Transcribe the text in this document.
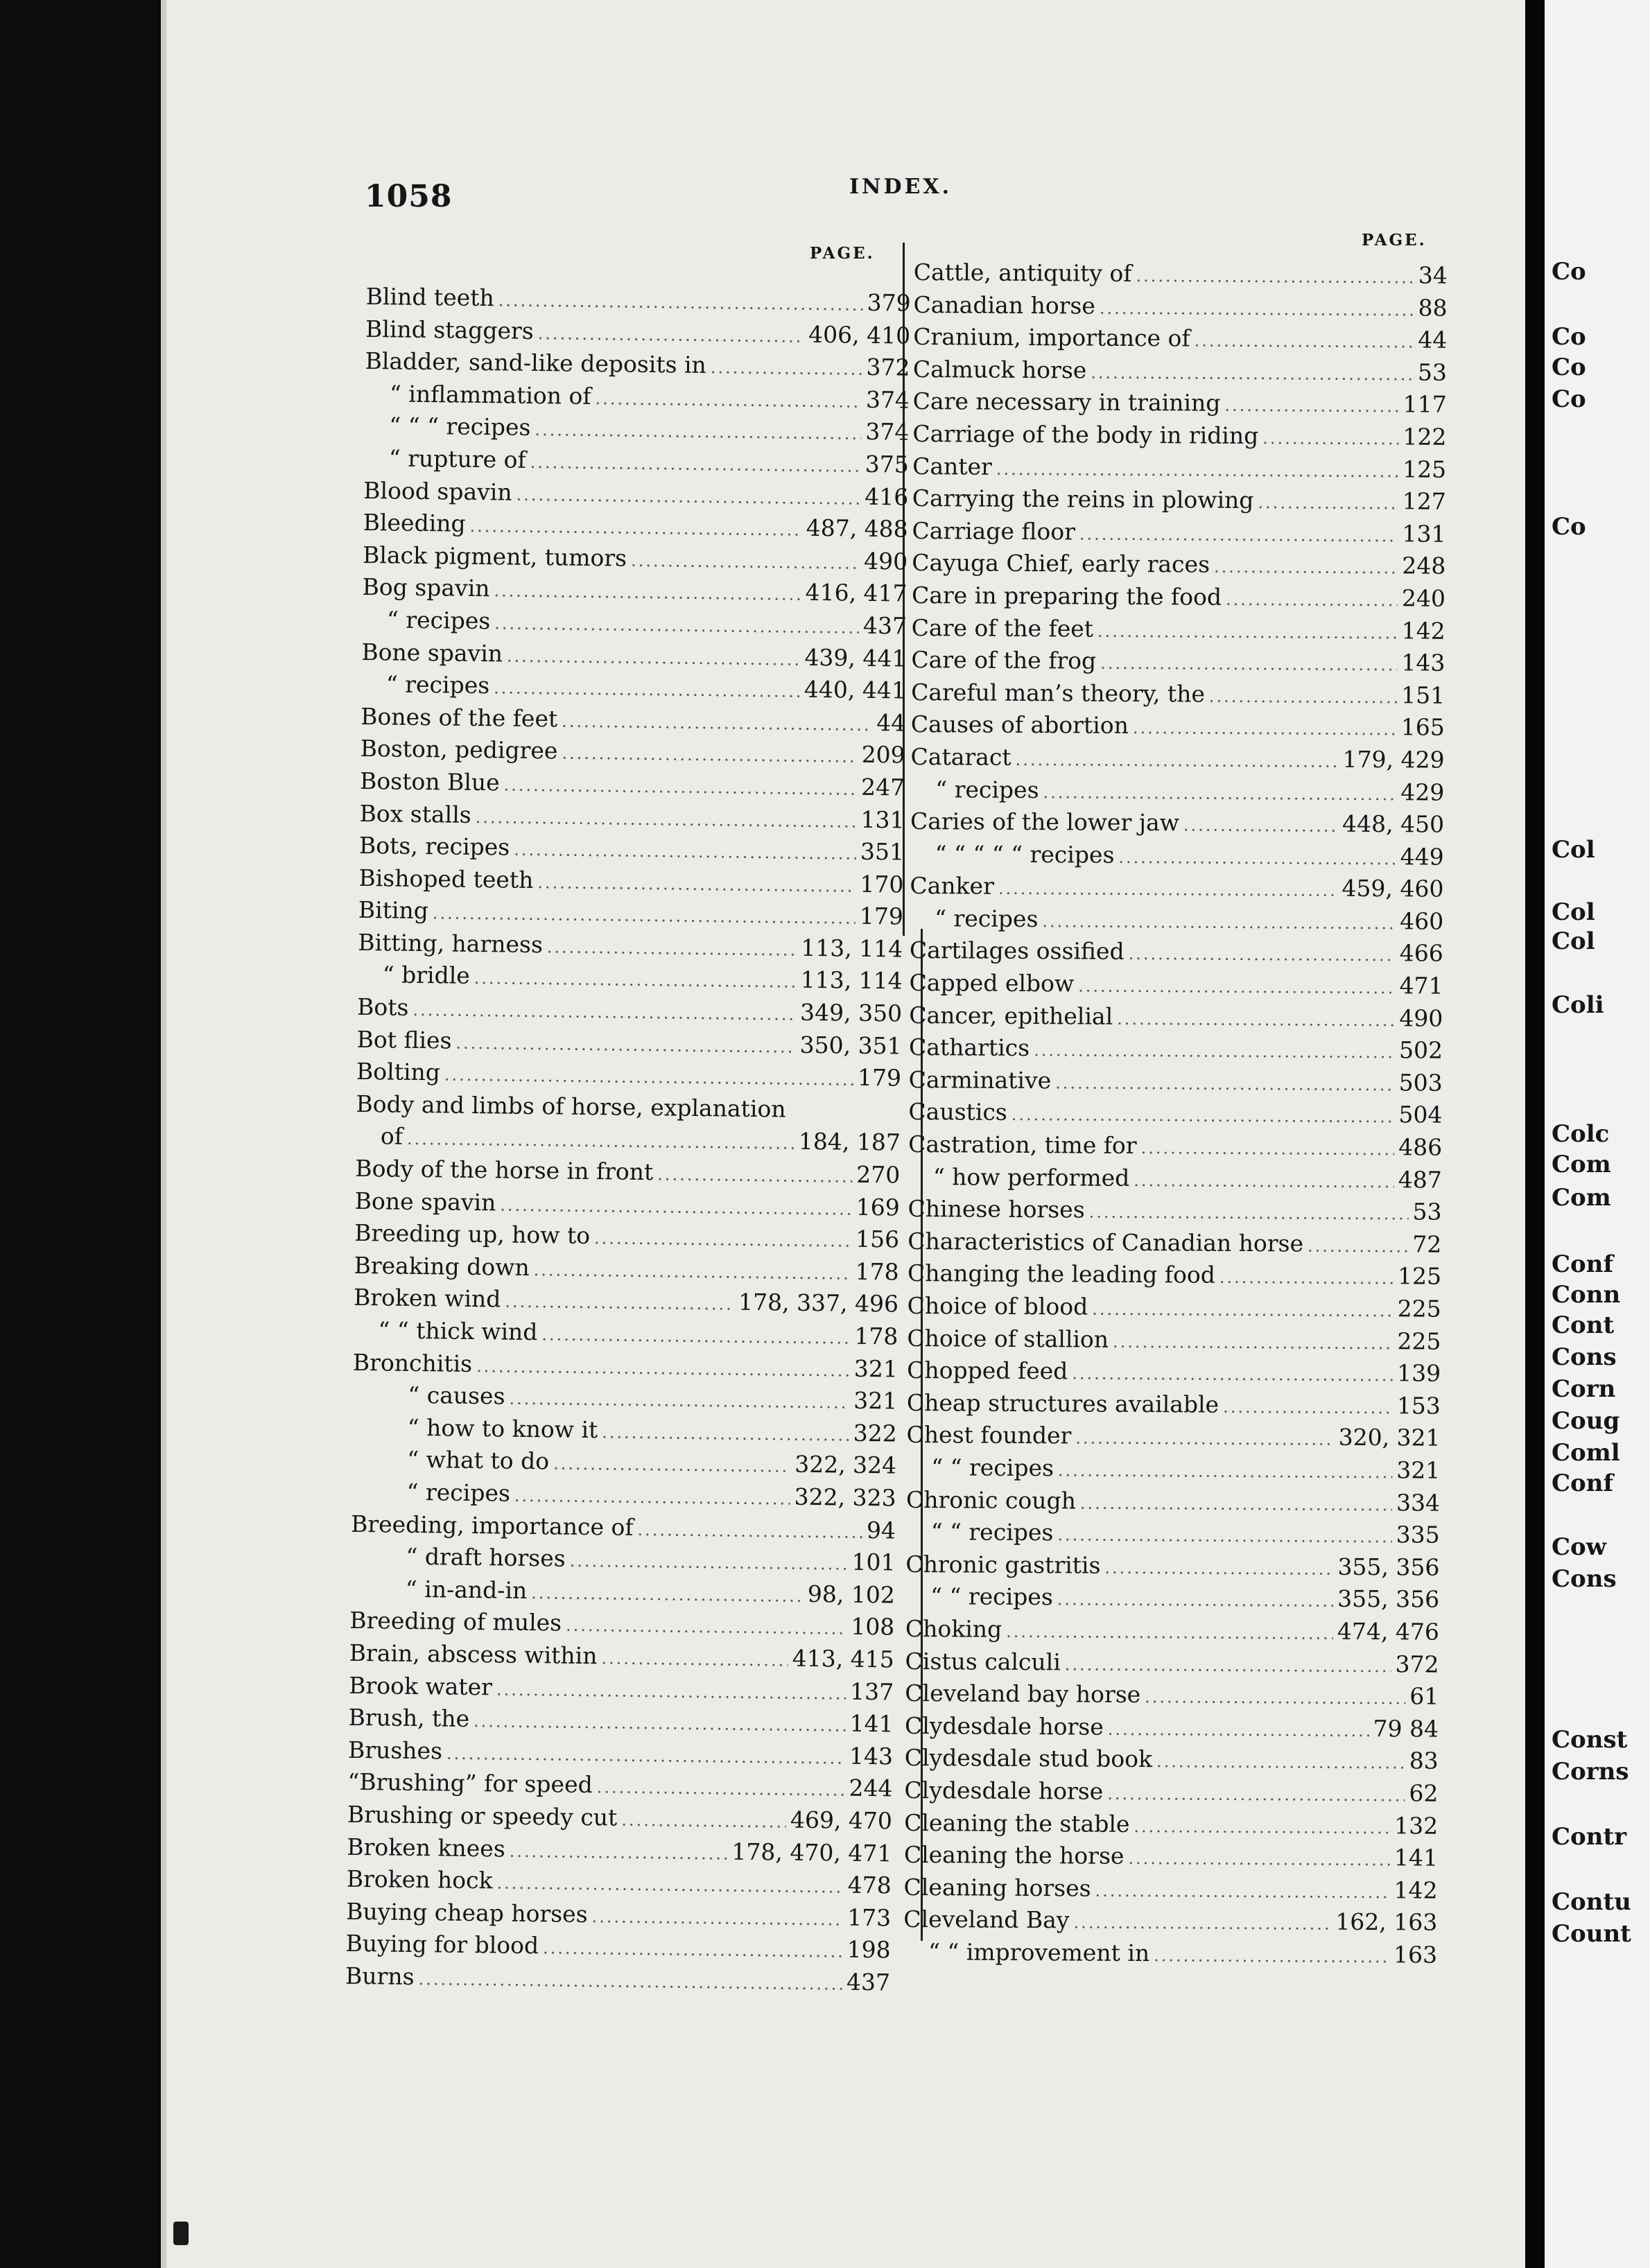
Co
Co
Co
Co
Co
Col
Col
Col
Coli
Colc
Com
Com
Conf
Conn
Cont
Cons
Corn
Coug
Coml
Conf
Cow
Cons
Const
Corns
Contr
Contu
Count
1058	INDEX.
PAGE.
PAGE.
Blind teeth .....	379
Blind staggers .....	406, 410
Bladder, sand-like deposits in .....	372
“ inflammation of .....	374
“ “ “ recipes .....	374
“ rupture of .....	375
Blood spavin .....	416
Bleeding .....	487, 488
Black pigment, tumors .....	490
Bog spavin .....	416, 417
“ recipes .....	437
Bone spavin .....	439, 441
“ recipes .....	440, 441
Bones of the feet .....	44
Boston, pedigree .....	209
Boston Blue .....	247
Box stalls .....	131
Bots, recipes .....	351
Bishoped teeth .....	170
Biting .....	179
Bitting, harness .....	113, 114
“ bridle .....	113, 114
Bots .....	349, 350
Bot flies .....	350, 351
Bolting .....	179
Body and limbs of horse, explanation
of .....	184, 187
Body of the horse in front .....	270
Bone spavin .....	169
Breeding up, how to .....	156
Breaking down .....	178
Broken wind .....	178, 337, 496
“ “ thick wind .....	178
Bronchitis .....	321
“ causes .....	321
“ how to know it .....	322
“ what to do .....	322, 324
“ recipes .....	322, 323
Breeding, importance of .....	94
“ draft horses .....	101
“ in-and-in .....	98, 102
Breeding of mules .....	108
Brain, abscess within .....	413, 415
Brook water .....	137
Brush, the .....	141
Brushes .....	143
“Brushing” for speed .....	244
Brushing or speedy cut .....	469, 470
Broken knees .....	178, 470, 471
Broken hock .....	478
Buying cheap horses .....	173
Buying for blood .....	198
Burns .....	437
Cattle, antiquity of .....	34
Canadian horse .....	88
Cranium, importance of .....	44
Calmuck horse .....	53
Care necessary in training .....	117
Carriage of the body in riding .....	122
Canter .....	125
Carrying the reins in plowing .....	127
Carriage floor .....	131
Cayuga Chief, early races .....	248
Care in preparing the food .....	240
Care of the feet .....	142
Care of the frog .....	143
Careful man’s theory, the .....	151
Causes of abortion .....	165
Cataract .....	179, 429
“ recipes .....	429
Caries of the lower jaw .....	448, 450
“ “ “ “ “ recipes .....	449
Canker .....	459, 460
“ recipes .....	460
Cartilages ossified .....	466
Capped elbow .....	471
Cancer, epithelial .....	490
Cathartics .....	502
Carminative .....	503
Caustics .....	504
Castration, time for .....	486
“ how performed .....	487
Chinese horses .....	53
Characteristics of Canadian horse .....	72
Changing the leading food .....	125
Choice of blood .....	225
Choice of stallion .....	225
Chopped feed .....	139
Cheap structures available .....	153
Chest founder .....	320, 321
“ “ recipes .....	321
Chronic cough .....	334
“ “ recipes .....	335
Chronic gastritis .....	355, 356
“ “ recipes .....	355, 356
Choking .....	474, 476
Cistus calculi .....	372
Cleveland bay horse .....	61
Clydesdale horse .....	79 84
Clydesdale stud book .....	83
Clydesdale horse .....	62
Cleaning the stable .....	132
Cleaning the horse .....	141
Cleaning horses .....	142
Cleveland Bay .....	162, 163
“ “ improvement in .....	163
